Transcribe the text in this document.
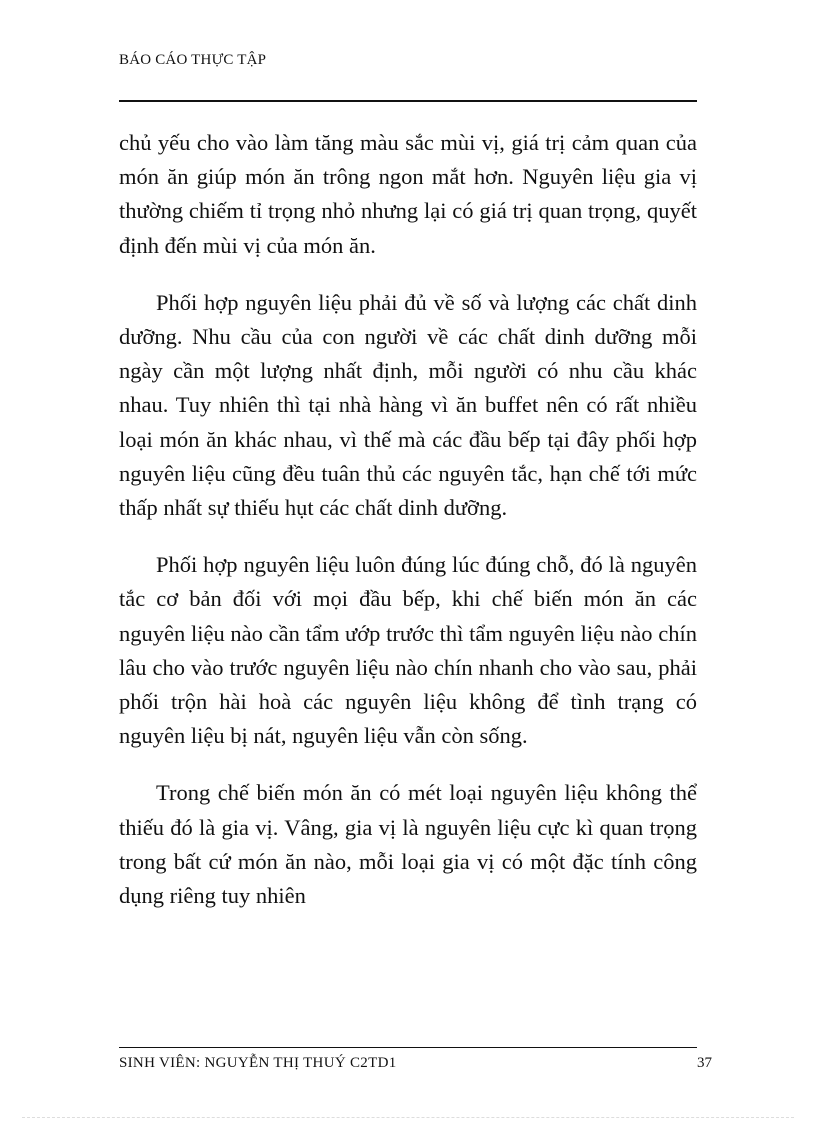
BÁO CÁO THỰC TẬP

chủ yếu cho vào làm tăng màu sắc mùi vị, giá trị cảm quan của món ăn giúp món ăn trông ngon mắt hơn. Nguyên liệu gia vị thường chiếm tỉ trọng nhỏ nhưng lại có giá trị quan trọng, quyết định đến mùi vị của món ăn.

Phối hợp nguyên liệu phải đủ về số và lượng các chất dinh dưỡng. Nhu cầu của con người về các chất dinh dưỡng mỗi ngày cần một lượng nhất định, mỗi người có nhu cầu khác nhau. Tuy nhiên thì tại nhà hàng vì ăn buffet nên có rất nhiều loại món ăn khác nhau, vì thế mà các đầu bếp tại đây phối hợp nguyên liệu cũng đều tuân thủ các nguyên tắc, hạn chế tới mức thấp nhất sự thiếu hụt các chất dinh dưỡng.

Phối hợp nguyên liệu luôn đúng lúc đúng chỗ, đó là nguyên tắc cơ bản đối với mọi đầu bếp, khi chế biến món ăn các nguyên liệu nào cần tẩm ướp trước thì tẩm nguyên liệu nào chín lâu cho vào trước nguyên liệu nào chín nhanh cho vào sau, phải phối trộn hài hoà các nguyên liệu không để tình trạng có nguyên liệu bị nát, nguyên liệu vẫn còn sống.

Trong chế biến món ăn có mét loại nguyên liệu không thể thiếu đó là gia vị. Vâng, gia vị là nguyên liệu cực kì quan trọng trong bất cứ món ăn nào, mỗi loại gia vị có một đặc tính công dụng riêng tuy nhiên

SINH VIÊN: NGUYỄN THỊ THUÝ C2TD1	37
